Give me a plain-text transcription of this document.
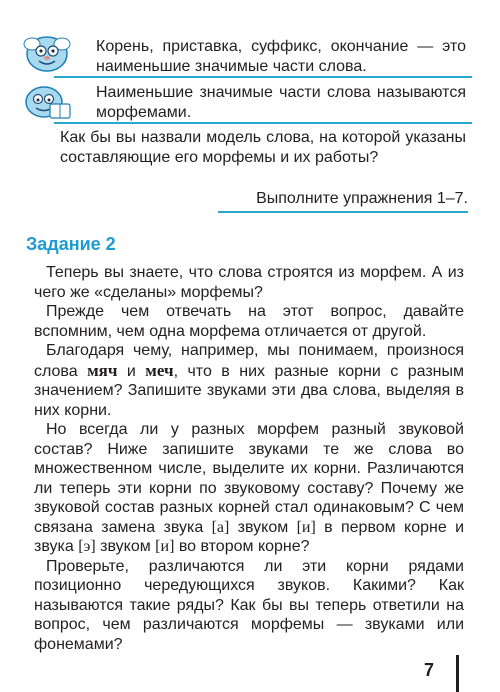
Корень, приставка, суффикс, окончание — это наименьшие значимые части слова.

Наименьшие значимые части слова называются морфемами.

Как бы вы назвали модель слова, на которой указаны составляющие его морфемы и их работы?

Выполните упражнения 1–7.
Задание 2

Теперь вы знаете, что слова строятся из морфем. А из чего же «сделаны» морфемы?

Прежде чем отвечать на этот вопрос, давайте вспомним, чем одна морфема отличается от другой.

Благодаря чему, например, мы понимаем, произнося слова мяч и меч, что в них разные корни с разным значением? Запишите звуками эти два слова, выделяя в них корни.

Но всегда ли у разных морфем разный звуковой состав? Ниже запишите звуками те же слова во множественном числе, выделите их корни. Различаются ли теперь эти корни по звуковому составу? Почему же звуковой состав разных корней стал одинаковым? С чем связана замена звука [а] звуком [и] в первом корне и звука [э] звуком [и] во втором корне?

Проверьте, различаются ли эти корни рядами позиционно чередующихся звуков. Какими? Как называются такие ряды? Как бы вы теперь ответили на вопрос, чем различаются морфемы — звуками или фонемами?

7
